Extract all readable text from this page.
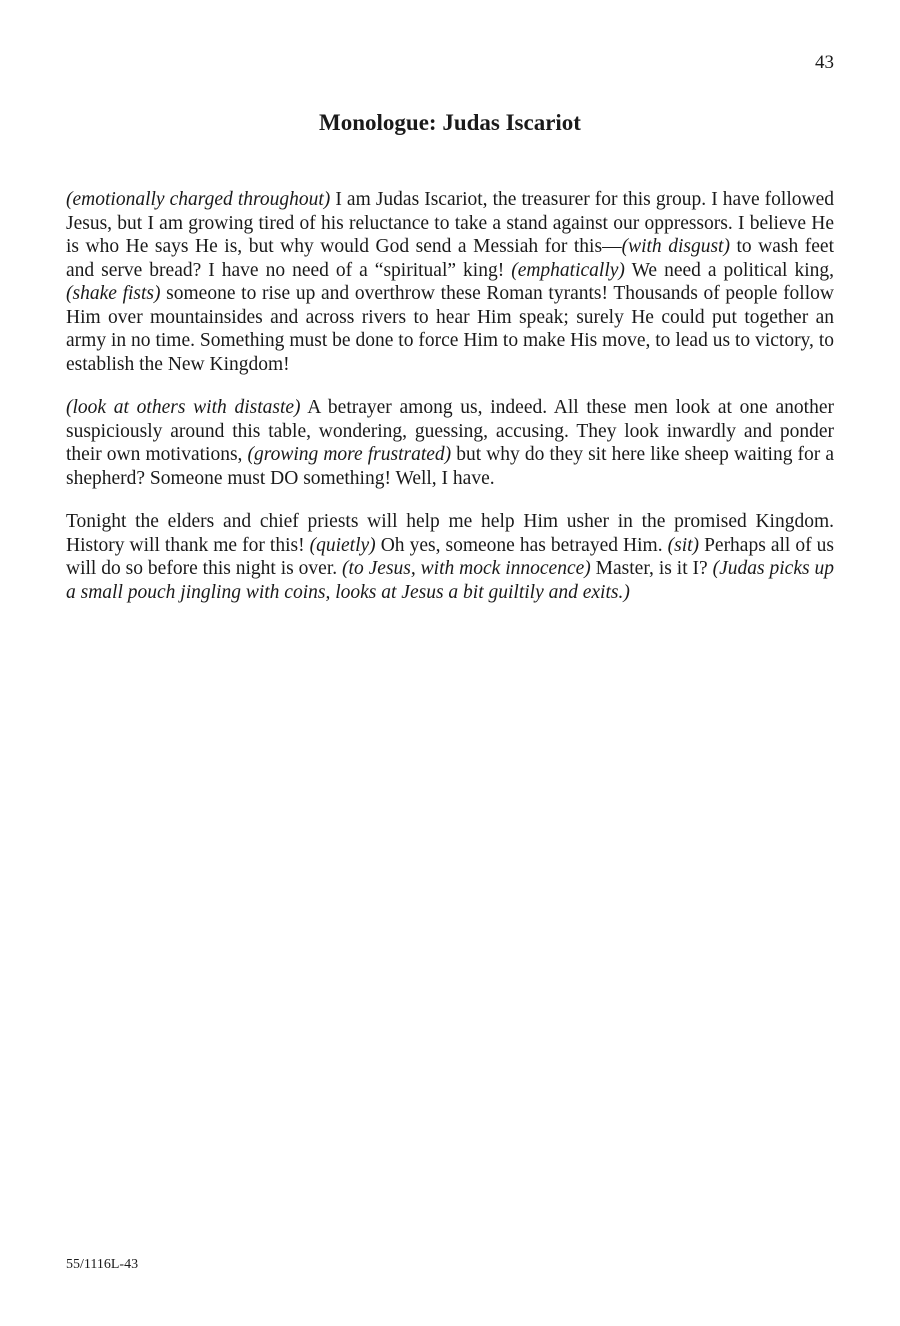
43
Monologue: Judas Iscariot

(emotionally charged throughout) I am Judas Iscariot, the treasurer for this group. I have followed Jesus, but I am growing tired of his reluctance to take a stand against our oppressors. I believe He is who He says He is, but why would God send a Messiah for this—(with disgust) to wash feet and serve bread? I have no need of a “spiritual” king! (emphatically) We need a political king, (shake fists) someone to rise up and overthrow these Roman tyrants! Thousands of people follow Him over mountainsides and across rivers to hear Him speak; surely He could put together an army in no time. Something must be done to force Him to make His move, to lead us to victory, to establish the New Kingdom!

(look at others with distaste) A betrayer among us, indeed. All these men look at one another suspiciously around this table, wondering, guessing, accusing. They look inwardly and ponder their own motivations, (growing more frustrated) but why do they sit here like sheep waiting for a shepherd? Someone must DO something! Well, I have.

Tonight the elders and chief priests will help me help Him usher in the promised Kingdom. History will thank me for this! (quietly) Oh yes, someone has betrayed Him. (sit) Perhaps all of us will do so before this night is over. (to Jesus, with mock innocence) Master, is it I? (Judas picks up a small pouch jingling with coins, looks at Jesus a bit guiltily and exits.)

55/1116L-43
